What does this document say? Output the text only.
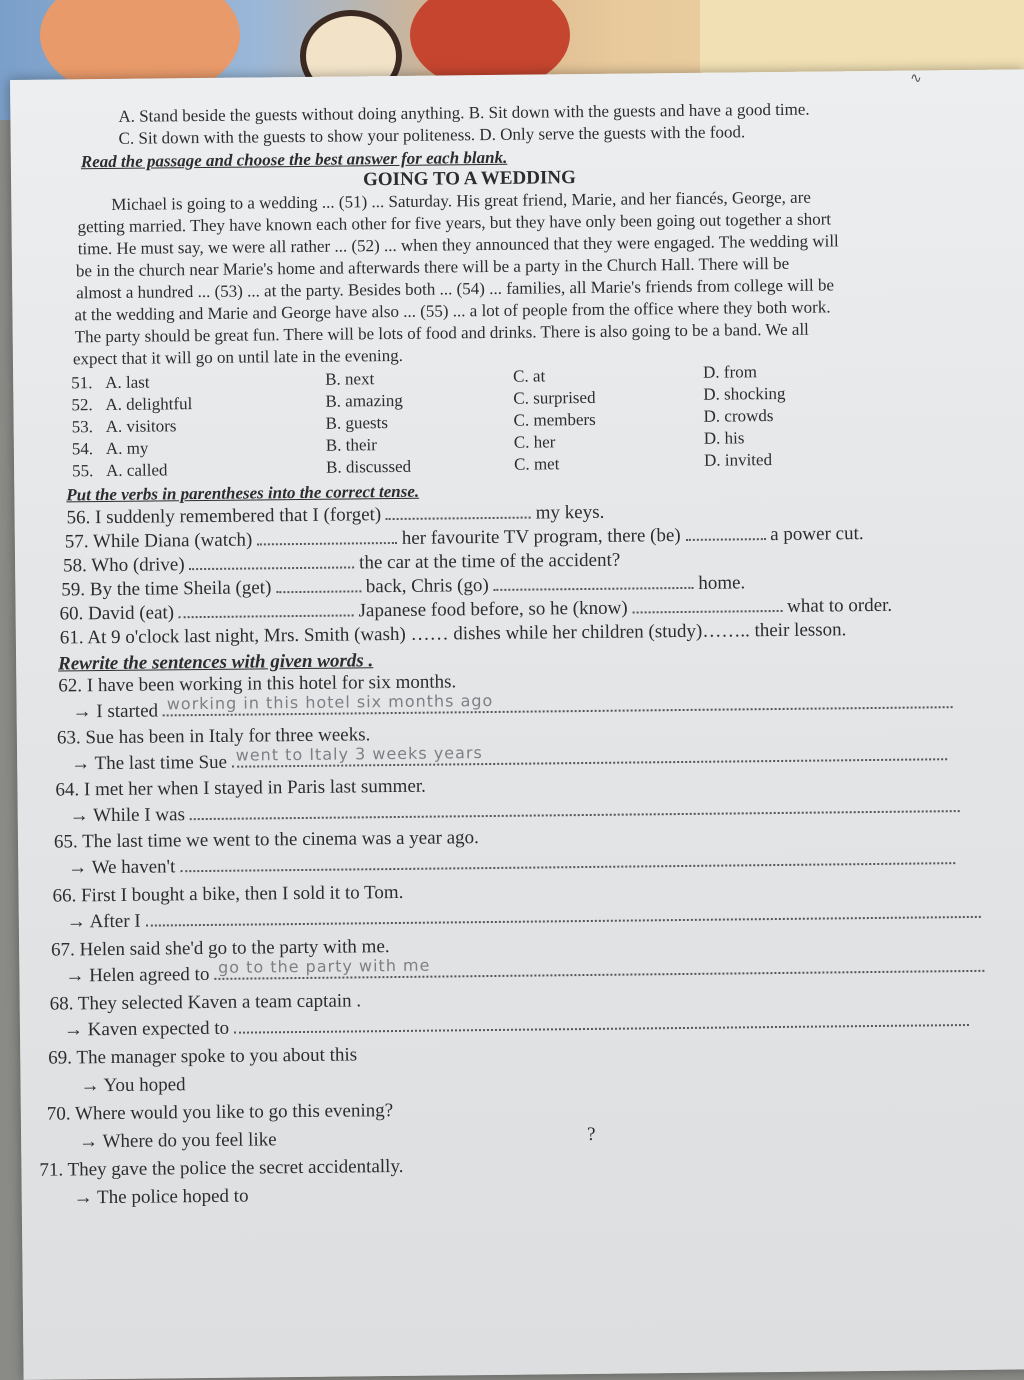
∿
A. Stand beside the guests without doing anything. B. Sit down with the guests and have a good time.
C. Sit down with the guests to show your politeness. D. Only serve the guests with the food.
Read the passage and choose the best answer for each blank.
GOING TO A WEDDING
Michael is going to a wedding ... (51) ... Saturday. His great friend, Marie, and her fiancés, George, are
getting married. They have known each other for five years, but they have only been going out together a short
time. He must say, we were all rather ... (52) ... when they announced that they were engaged. The wedding will
be in the church near Marie's home and afterwards there will be a party in the Church Hall. There will be
almost a hundred ... (53) ... at the party. Besides both ... (54) ... families, all Marie's friends from college will be
at the wedding and Marie and George have also ... (55) ... a lot of people from the office where they both work.
The party should be great fun. There will be lots of food and drinks. There is also going to be a band. We all
expect that it will go on until late in the evening.
51. A. last	B. next	C. at	D. from
52. A. delightful	B. amazing	C. surprised	D. shocking
53. A. visitors	B. guests	C. members	D. crowds
54. A. my	B. their	C. her	D. his
55. A. called	B. discussed	C. met	D. invited
Put the verbs in parentheses into the correct tense.
56. I suddenly remembered that I (forget)	my keys.
57. While Diana (watch)	her favourite TV program, there (be)	a power cut.
58. Who (drive)	the car at the time of the accident?
59. By the time Sheila (get)	back, Chris (go)	home.
60. David (eat)	Japanese food before, so he (know)	what to order.
61. At 9 o'clock last night, Mrs. Smith (wash) …… dishes while her children (study)…….. their lesson.
Rewrite the sentences with given words .
62. I have been working in this hotel for six months.
→ I started working in this hotel six months ago
63. Sue has been in Italy for three weeks.
→ The last time Sue went to Italy 3 weeks years
64. I met her when I stayed in Paris last summer.
→ While I was
65. The last time we went to the cinema was a year ago.
→ We haven't
66. First I bought a bike, then I sold it to Tom.
→ After I
67. Helen said she'd go to the party with me.
→ Helen agreed to go to the party with me
68. They selected Kaven a team captain .
→ Kaven expected to
69. The manager spoke to you about this
→ You hoped
70. Where would you like to go this evening?
→ Where do you feel like	?
71. They gave the police the secret accidentally.
→ The police hoped to
